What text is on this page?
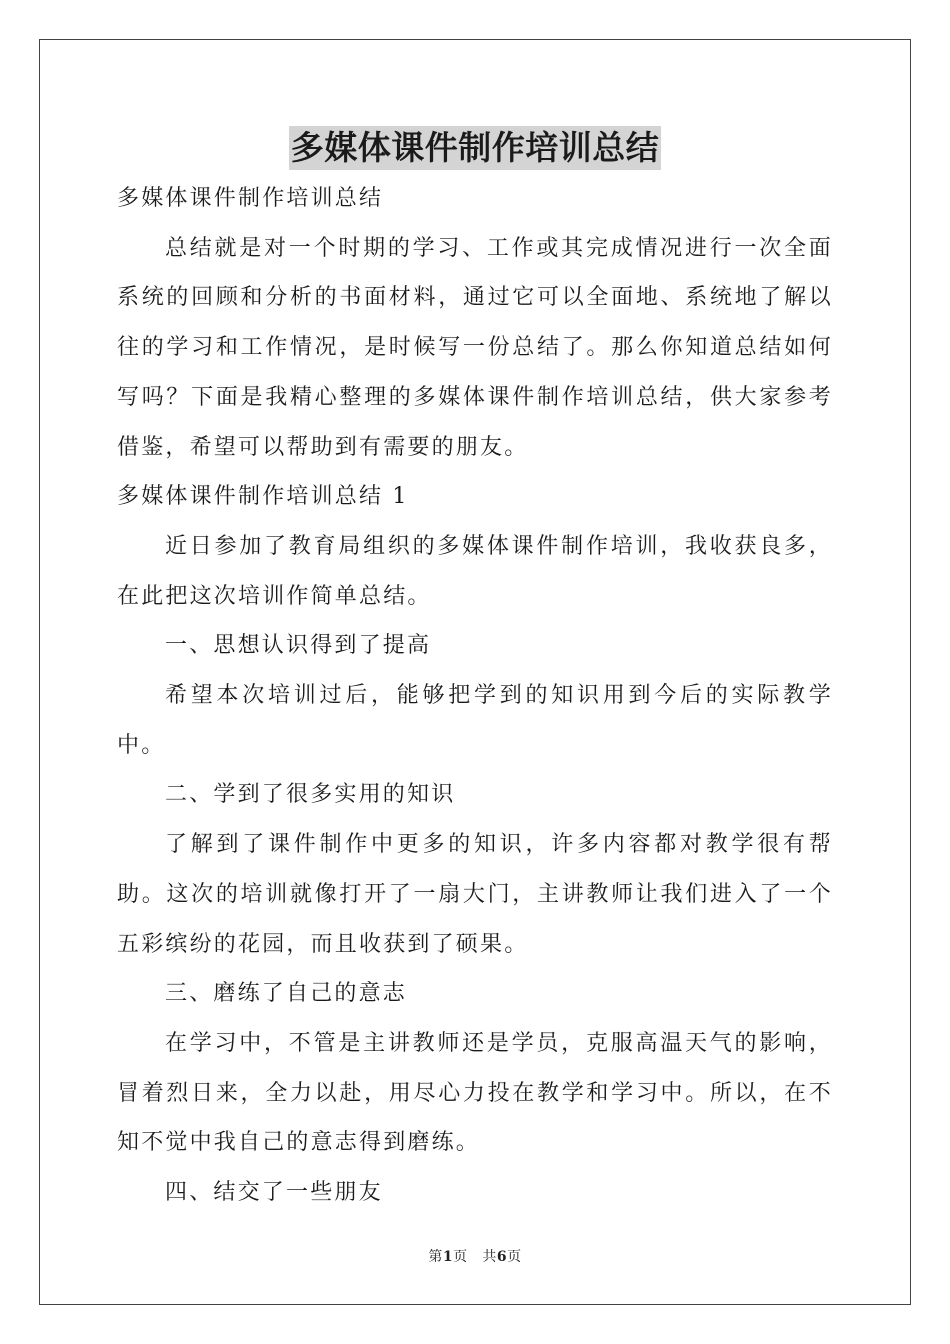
多媒体课件制作培训总结

多媒体课件制作培训总结

总结就是对一个时期的学习、工作或其完成情况进行一次全面系统的回顾和分析的书面材料，通过它可以全面地、系统地了解以往的学习和工作情况，是时候写一份总结了。那么你知道总结如何写吗？下面是我精心整理的多媒体课件制作培训总结，供大家参考借鉴，希望可以帮助到有需要的朋友。

多媒体课件制作培训总结 1

近日参加了教育局组织的多媒体课件制作培训，我收获良多，在此把这次培训作简单总结。

一、思想认识得到了提高

希望本次培训过后，能够把学到的知识用到今后的实际教学中。

二、学到了很多实用的知识

了解到了课件制作中更多的知识，许多内容都对教学很有帮助。这次的培训就像打开了一扇大门，主讲教师让我们进入了一个五彩缤纷的花园，而且收获到了硕果。

三、磨练了自己的意志

在学习中，不管是主讲教师还是学员，克服高温天气的影响，冒着烈日来，全力以赴，用尽心力投在教学和学习中。所以，在不知不觉中我自己的意志得到磨练。

四、结交了一些朋友

第1页 共6页
